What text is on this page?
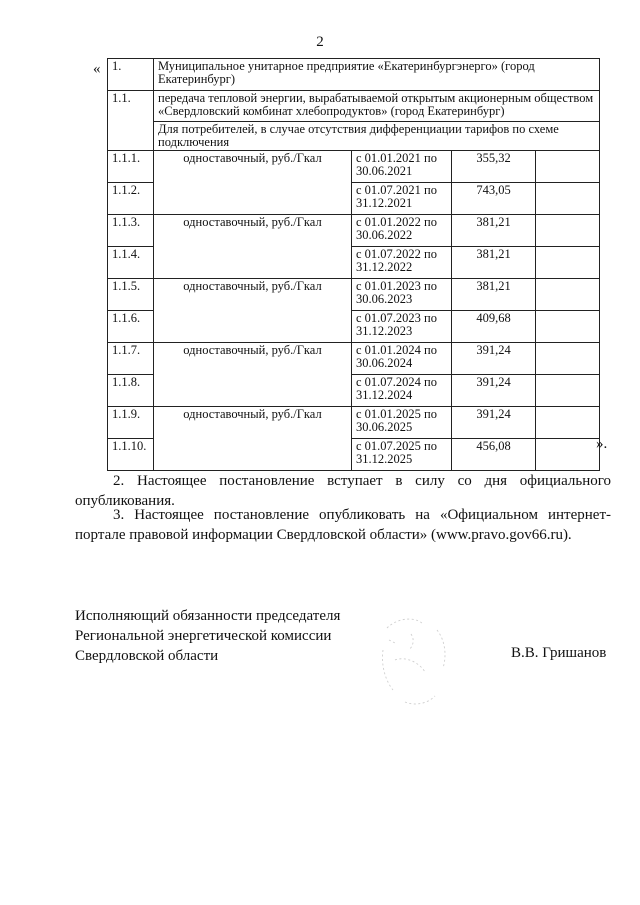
2
« 1.	Муниципальное унитарное предприятие «Екатеринбургэнерго» (город Екатеринбург)			
1.1.	передача тепловой энергии, вырабатываемой открытым акционерным обществом «Свердловский комбинат хлебопродуктов» (город Екатеринбург)			
	Для потребителей, в случае отсутствия дифференциации тарифов по схеме подключения			
1.1.1.	одноставочный, руб./Гкал	с 01.01.2021 по 30.06.2021	355,32	
1.1.2.		с 01.07.2021 по 31.12.2021	743,05	
1.1.3.	одноставочный, руб./Гкал	с 01.01.2022 по 30.06.2022	381,21	
1.1.4.		с 01.07.2022 по 31.12.2022	381,21	
1.1.5.	одноставочный, руб./Гкал	с 01.01.2023 по 30.06.2023	381,21	
1.1.6.		с 01.07.2023 по 31.12.2023	409,68	
1.1.7.	одноставочный, руб./Гкал	с 01.01.2024 по 30.06.2024	391,24	
1.1.8.		с 01.07.2024 по 31.12.2024	391,24	
1.1.9.	одноставочный, руб./Гкал	с 01.01.2025 по 30.06.2025	391,24	
1.1.10.		с 01.07.2025 по 31.12.2025	456,08		».
2. Настоящее постановление вступает в силу со дня официального опубликования.
3. Настоящее постановление опубликовать на «Официальном интернет-портале правовой информации Свердловской области» (www.pravo.gov66.ru).
Исполняющий обязанности председателя
Региональной энергетической комиссии
Свердловской области	В.В. Гришанов
